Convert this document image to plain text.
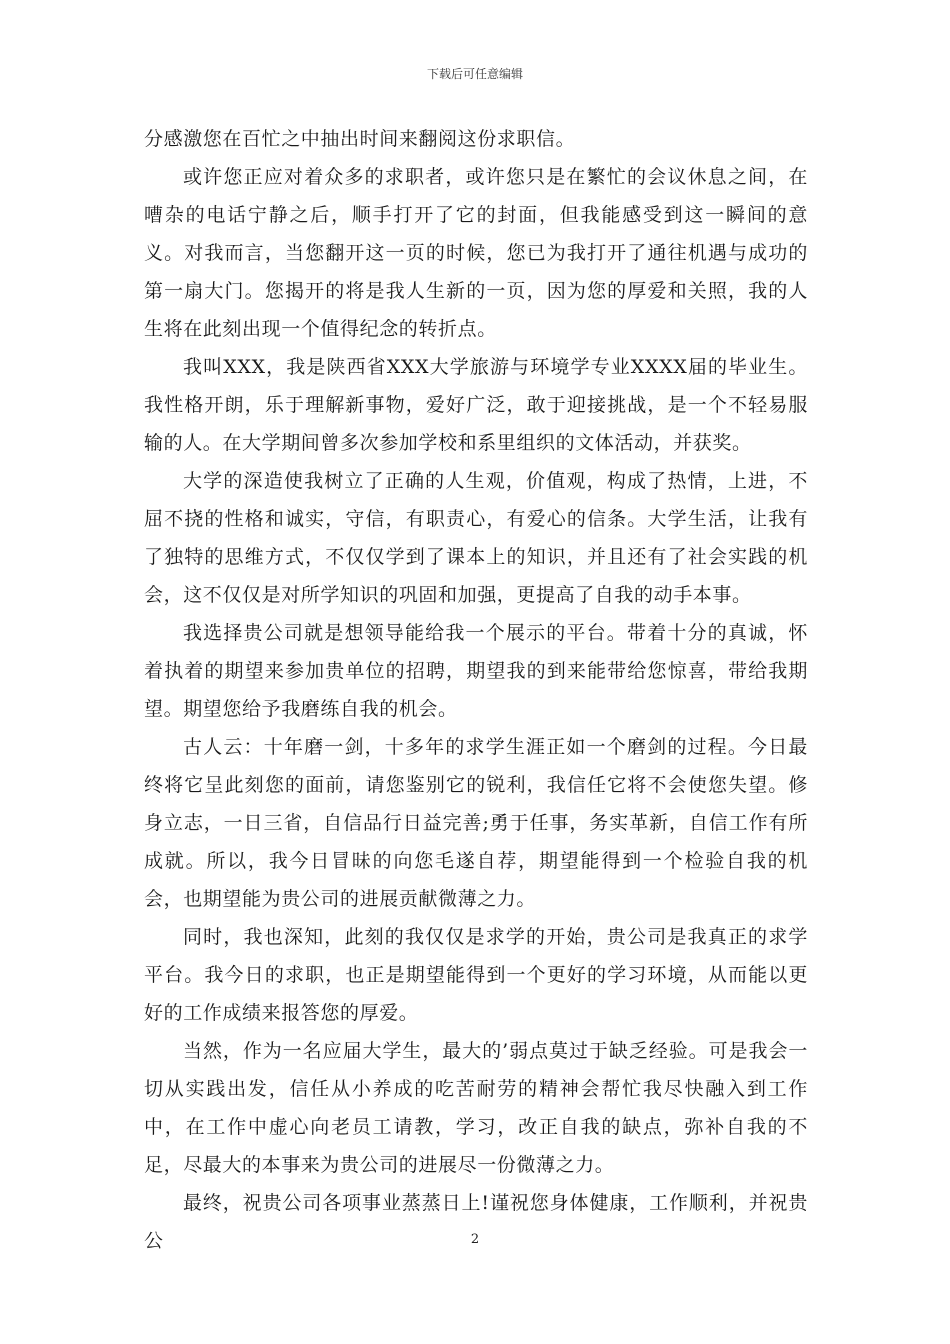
下载后可任意编辑

分感激您在百忙之中抽出时间来翻阅这份求职信。

或许您正应对着众多的求职者，或许您只是在繁忙的会议休息之间，在嘈杂的电话宁静之后，顺手打开了它的封面，但我能感受到这一瞬间的意义。对我而言，当您翻开这一页的时候，您已为我打开了通往机遇与成功的第一扇大门。您揭开的将是我人生新的一页，因为您的厚爱和关照，我的人生将在此刻出现一个值得纪念的转折点。

我叫XXX，我是陕西省XXX大学旅游与环境学专业XXXX届的毕业生。我性格开朗，乐于理解新事物，爱好广泛，敢于迎接挑战，是一个不轻易服输的人。在大学期间曾多次参加学校和系里组织的文体活动，并获奖。

大学的深造使我树立了正确的人生观，价值观，构成了热情，上进，不屈不挠的性格和诚实，守信，有职责心，有爱心的信条。大学生活，让我有了独特的思维方式，不仅仅学到了课本上的知识，并且还有了社会实践的机会，这不仅仅是对所学知识的巩固和加强，更提高了自我的动手本事。

我选择贵公司就是想领导能给我一个展示的平台。带着十分的真诚，怀着执着的期望来参加贵单位的招聘，期望我的到来能带给您惊喜，带给我期望。期望您给予我磨练自我的机会。

古人云：十年磨一剑，十多年的求学生涯正如一个磨剑的过程。今日最终将它呈此刻您的面前，请您鉴别它的锐利，我信任它将不会使您失望。修身立志，一日三省，自信品行日益完善;勇于任事，务实革新，自信工作有所成就。所以，我今日冒昧的向您毛遂自荐，期望能得到一个检验自我的机会，也期望能为贵公司的进展贡献微薄之力。

同时，我也深知，此刻的我仅仅是求学的开始，贵公司是我真正的求学平台。我今日的求职，也正是期望能得到一个更好的学习环境，从而能以更好的工作成绩来报答您的厚爱。

当然，作为一名应届大学生，最大的’弱点莫过于缺乏经验。可是我会一切从实践出发，信任从小养成的吃苦耐劳的精神会帮忙我尽快融入到工作中，在工作中虚心向老员工请教，学习，改正自我的缺点，弥补自我的不足，尽最大的本事来为贵公司的进展尽一份微薄之力。

最终，祝贵公司各项事业蒸蒸日上!谨祝您身体健康，工作顺利，并祝贵公	2
